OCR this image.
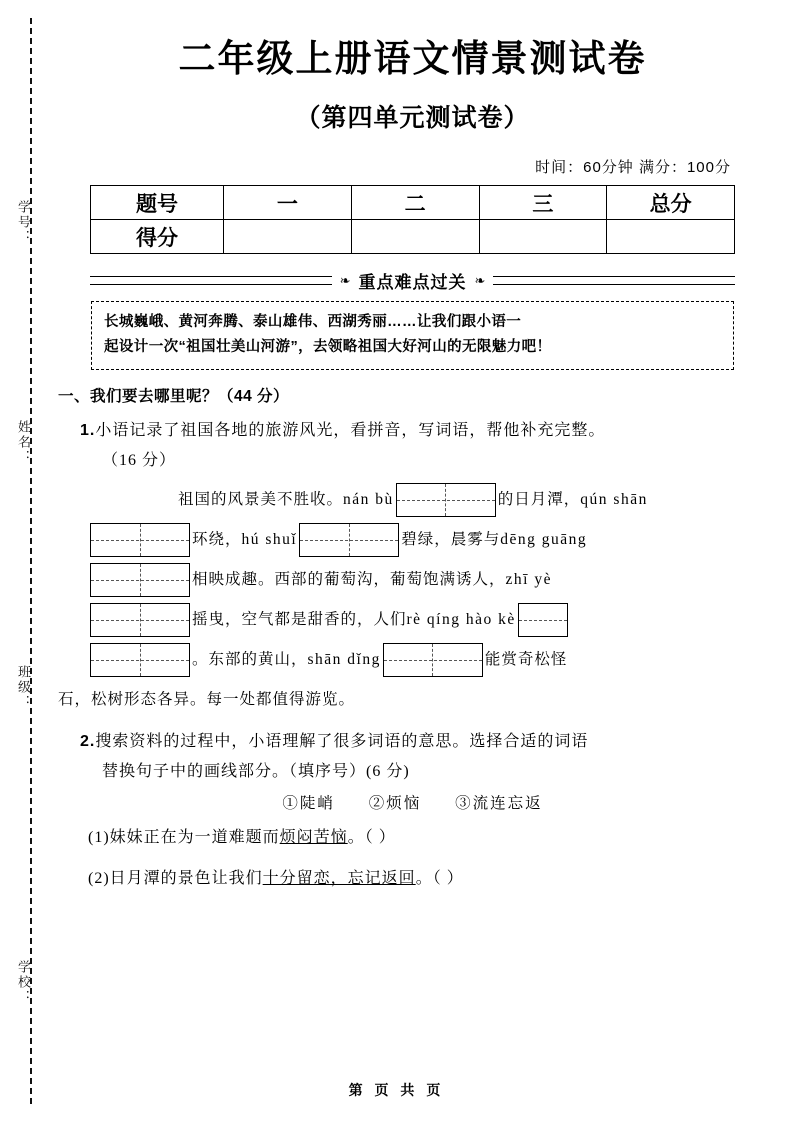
学号：
姓名：
班级：
学校：
二年级上册语文情景测试卷
（第四单元测试卷）
时间：60分钟 满分：100分
题号	一	二	三	总分
得分				
❧ 重点难点过关 ❧
长城巍峨、黄河奔腾、泰山雄伟、西湖秀丽……让我们跟小语一
起设计一次“祖国壮美山河游”，去领略祖国大好河山的无限魅力吧！
一、我们要去哪里呢？（44 分）
1.小语记录了祖国各地的旅游风光，看拼音，写词语，帮他补充完整。
（16 分）
祖国的风景美不胜收。 nán bù	的日月潭， qún shān
环绕， hú shuǐ	碧绿，晨雾与 dēng guāng
相映成趣。西部的葡萄沟，葡萄饱满诱人， zhī yè
摇曳，空气都是甜香的，人们 rè qíng hào kè
。东部的黄山， shān dǐng	能赏奇松怪
石，松树形态各异。每一处都值得游览。
2.搜索资料的过程中，小语理解了很多词语的意思。选择合适的词语
替换句子中的画线部分。（填序号）(6 分)
①陡峭 ②烦恼 ③流连忘返
(1)妹妹正在为一道难题而烦闷苦恼。（ ）
(2)日月潭的景色让我们十分留恋，忘记返回。（ ）
第 页 共 页
